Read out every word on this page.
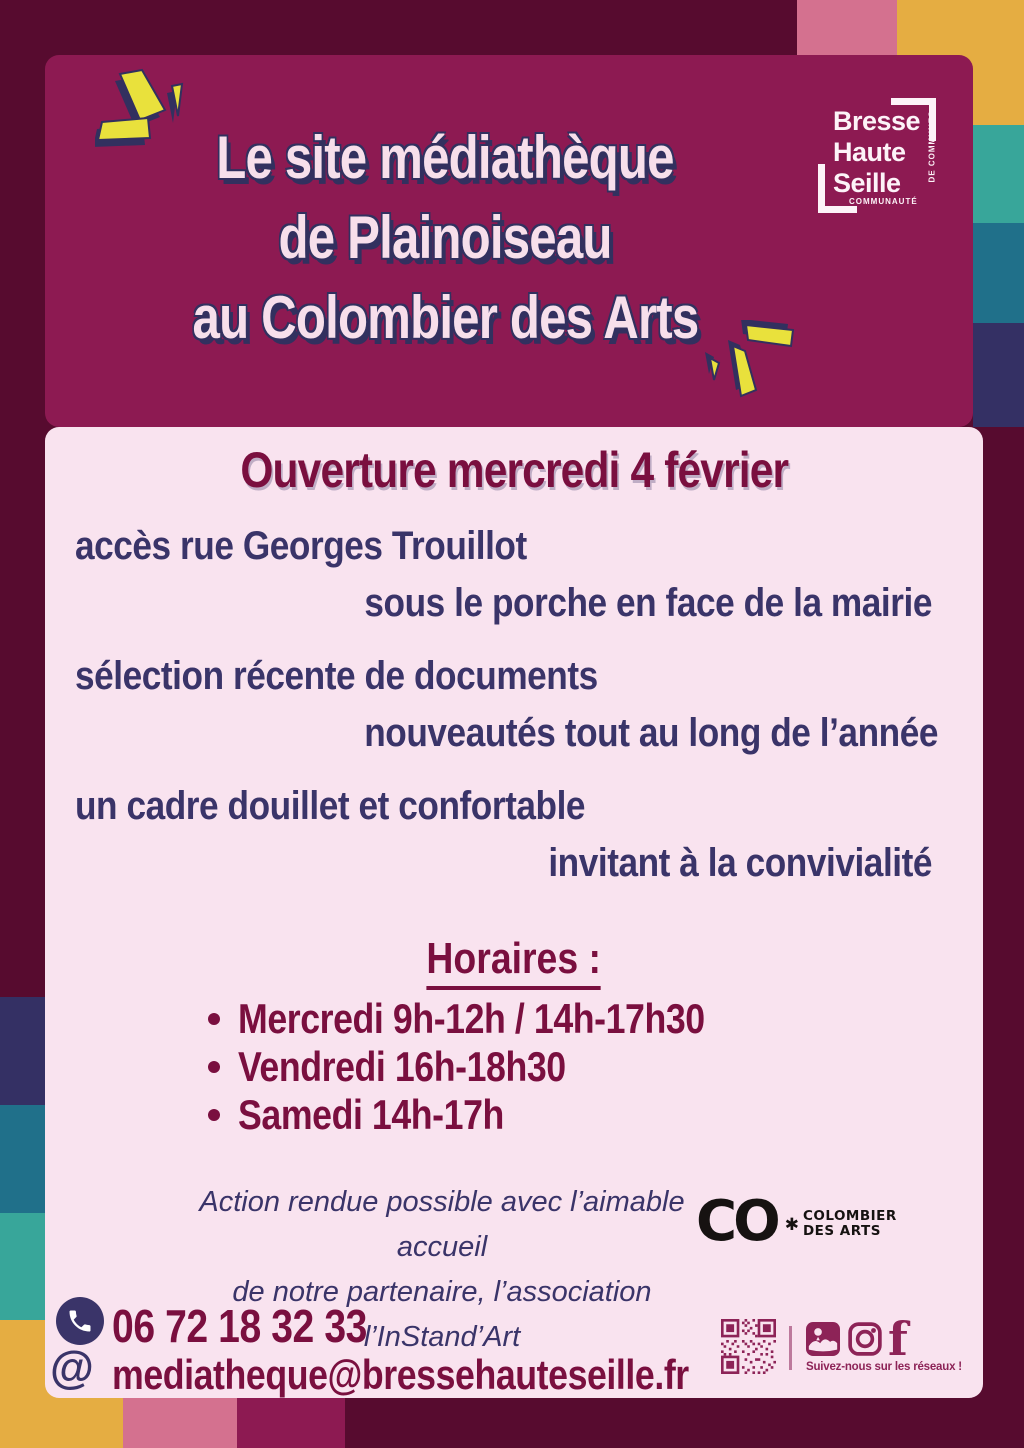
Le site médiathèque
de Plainoiseau
au Colombier des Arts
Bresse
Haute
Seille
COMMUNAUTÉ
DE COMMUNES
Ouverture mercredi 4 février
accès rue Georges Trouillot
sous le porche en face de la mairie
sélection récente de documents
nouveautés tout au long de l’année
un cadre douillet et confortable
invitant à la convivialité
Horaires :
Mercredi 9h-12h / 14h-17h30
Vendredi 16h-18h30
Samedi 14h-17h
Action rendue possible avec l’aimable accueil
de notre partenaire, l’association l’InStand’Art
CO ✱ COLOMBIER
DES ARTS
06 72 18 32 33
@ mediatheque@bressehauteseille.fr
f
Suivez-nous sur les réseaux !
